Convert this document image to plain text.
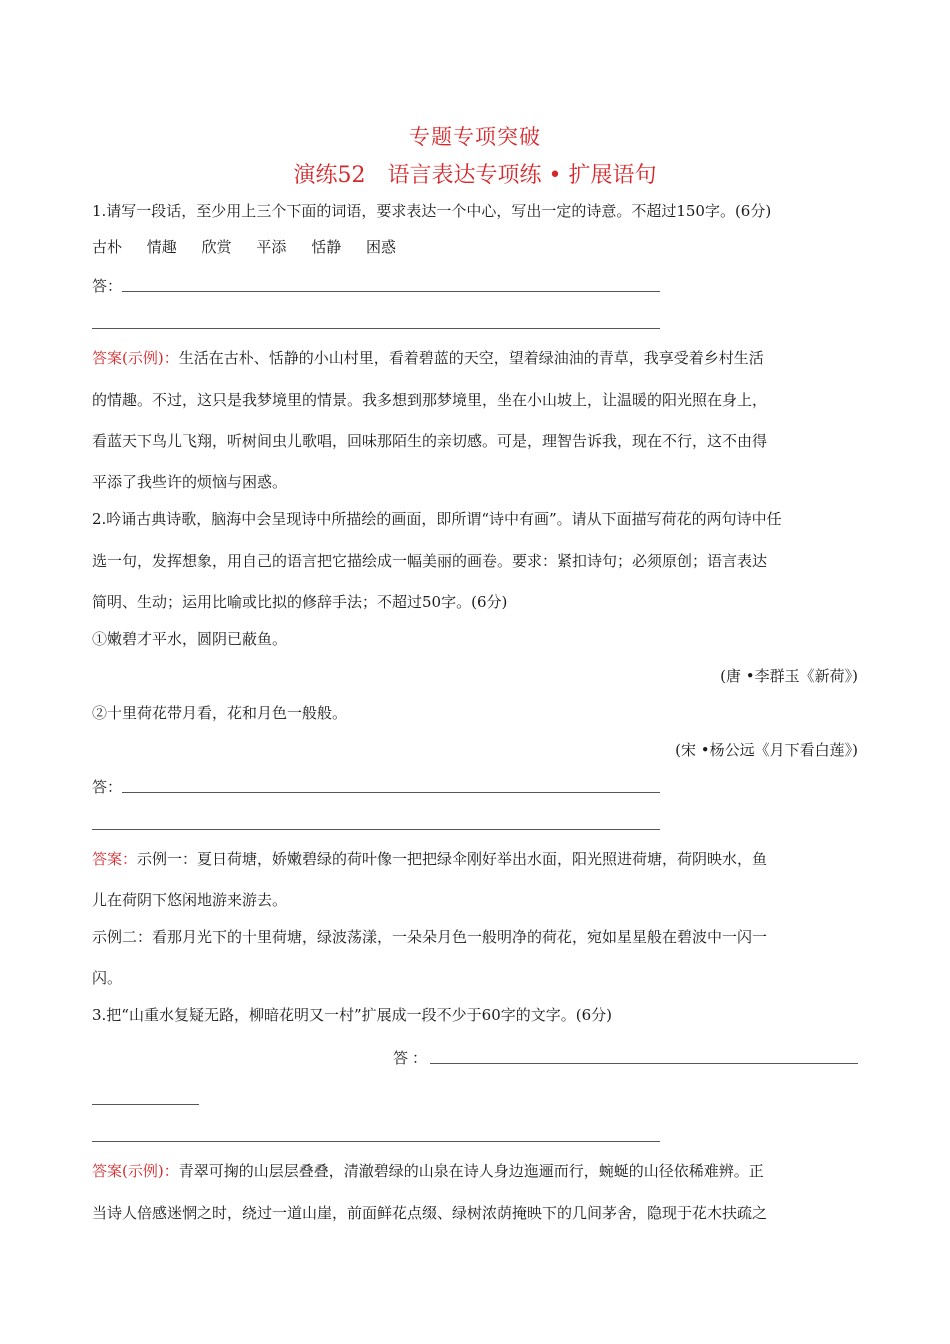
专题专项突破
演练52　语言表达专项练 • 扩展语句
1.请写一段话，至少用上三个下面的词语，要求表达一个中心，写出一定的诗意。不超过150字。(6分)
古朴 情趣 欣赏 平添 恬静 困惑
答：
答案(示例)：生活在古朴、恬静的小山村里，看着碧蓝的天空，望着绿油油的青草，我享受着乡村生活
的情趣。不过，这只是我梦境里的情景。我多想到那梦境里，坐在小山坡上，让温暖的阳光照在身上，
看蓝天下鸟儿飞翔，听树间虫儿歌唱，回味那陌生的亲切感。可是，理智告诉我，现在不行，这不由得
平添了我些许的烦恼与困惑。
2.吟诵古典诗歌，脑海中会呈现诗中所描绘的画面，即所谓“诗中有画”。请从下面描写荷花的两句诗中任
选一句，发挥想象，用自己的语言把它描绘成一幅美丽的画卷。要求：紧扣诗句；必须原创；语言表达
简明、生动；运用比喻或比拟的修辞手法；不超过50字。(6分)
①嫩碧才平水，圆阴已蔽鱼。
(唐 •李群玉《新荷》)
②十里荷花带月看，花和月色一般般。
(宋 •杨公远《月下看白莲》)
答：
答案：示例一：夏日荷塘，娇嫩碧绿的荷叶像一把把绿伞刚好举出水面，阳光照进荷塘，荷阴映水，鱼
儿在荷阴下悠闲地游来游去。
示例二：看那月光下的十里荷塘，绿波荡漾，一朵朵月色一般明净的荷花，宛如星星般在碧波中一闪一
闪。
3.把“山重水复疑无路，柳暗花明又一村”扩展成一段不少于60字的文字。(6分)
答：
答案(示例)：青翠可掬的山层层叠叠，清澈碧绿的山泉在诗人身边迤逦而行，蜿蜒的山径依稀难辨。正
当诗人倍感迷惘之时，绕过一道山崖，前面鲜花点缀、绿树浓荫掩映下的几间茅舍，隐现于花木扶疏之
